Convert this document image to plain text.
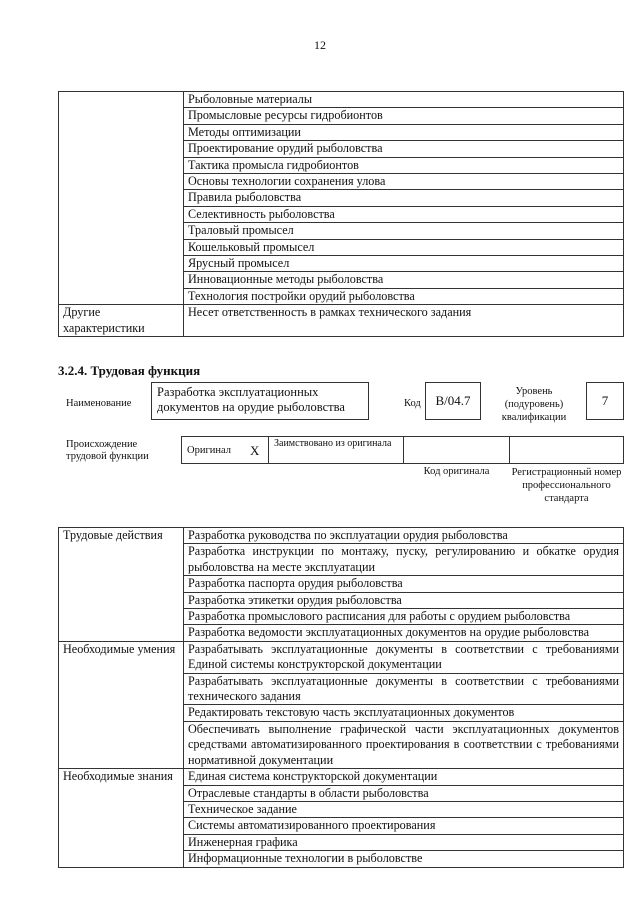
12
	Рыболовные материалы
	Промысловые ресурсы гидробионтов
	Методы оптимизации
	Проектирование орудий рыболовства
	Тактика промысла гидробионтов
	Основы технологии сохранения улова
	Правила рыболовства
	Селективность рыболовства
	Траловый промысел
	Кошельковый промысел
	Ярусный промысел
	Инновационные методы рыболовства
	Технология постройки орудий рыболовства
Другие характеристики	Несет ответственность в рамках технического задания
3.2.4. Трудовая функция
Наименование
Разработка эксплуатационных документов на орудие рыболовства	Код	B/04.7
Уровень (подуровень) квалификации
7
Происхождение трудовой функции
Оригинал X	Заимствовано из оригинала
Код оригинала	Регистрационный номер профессионального стандарта
Трудовые действия	Разработка руководства по эксплуатации орудия рыболовства
	Разработка инструкции по монтажу, пуску, регулированию и обкатке орудия рыболовства на месте эксплуатации
	Разработка паспорта орудия рыболовства
	Разработка этикетки орудия рыболовства
	Разработка промыслового расписания для работы с орудием рыболовства
	Разработка ведомости эксплуатационных документов на орудие рыболовства
Необходимые умения	Разрабатывать эксплуатационные документы в соответствии с требованиями Единой системы конструкторской документации
	Разрабатывать эксплуатационные документы в соответствии с требованиями технического задания
	Редактировать текстовую часть эксплуатационных документов
	Обеспечивать выполнение графической части эксплуатационных документов средствами автоматизированного проектирования в соответствии с требованиями нормативной документации
Необходимые знания	Единая система конструкторской документации
	Отраслевые стандарты в области рыболовства
	Техническое задание
	Системы автоматизированного проектирования
	Инженерная графика
	Информационные технологии в рыболовстве
